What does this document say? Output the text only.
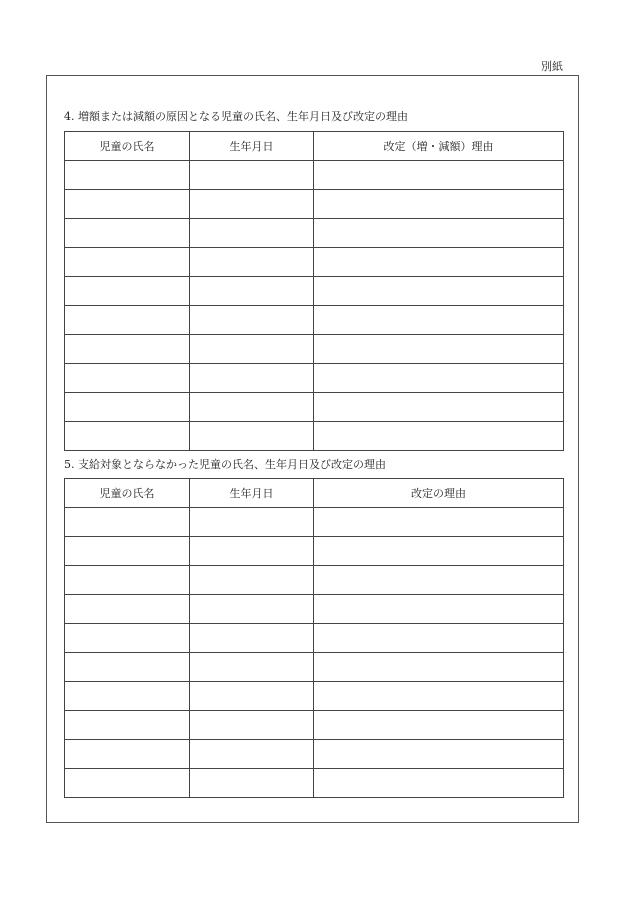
別紙
4. 増額または減額の原因となる児童の氏名、生年月日及び改定の理由
児童の氏名	生年月日	改定（増・減額）理由

5. 支給対象とならなかった児童の氏名、生年月日及び改定の理由
児童の氏名	生年月日	改定の理由
